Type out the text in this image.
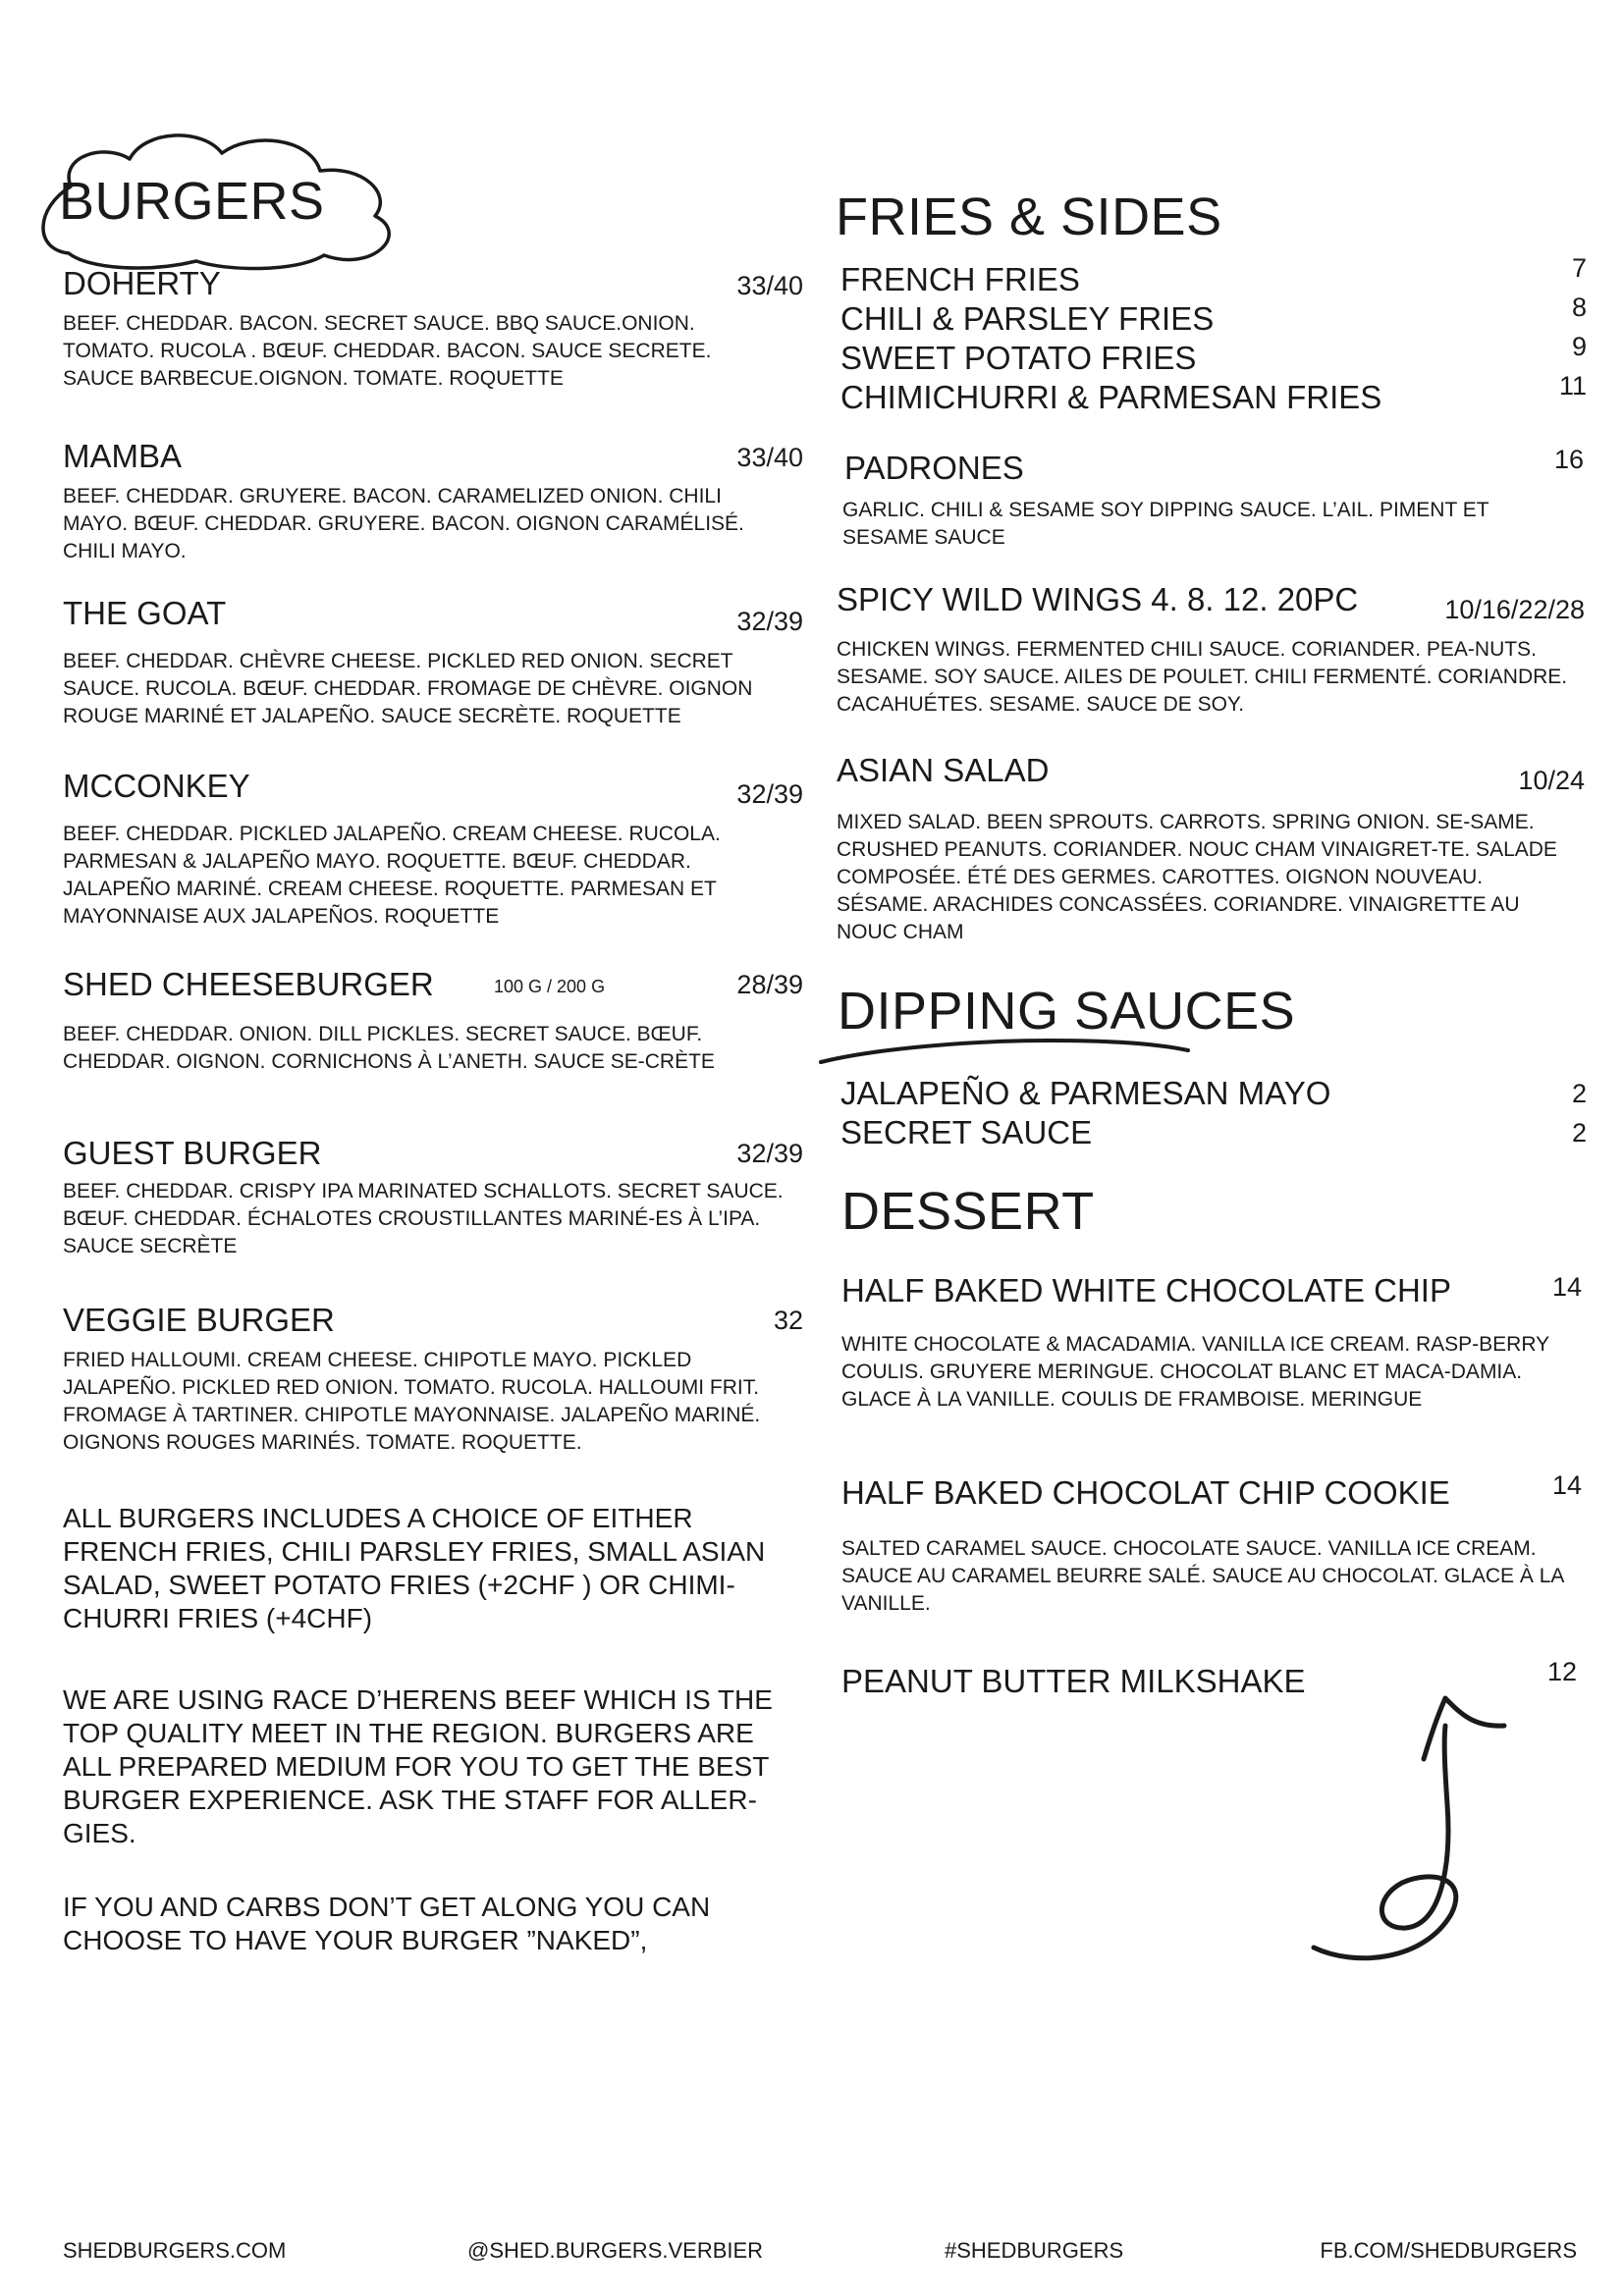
BURGERS
DOHERTY	33/40
BEEF. CHEDDAR. BACON. SECRET SAUCE. BBQ SAUCE.ONION. TOMATO. RUCOLA . BŒUF. CHEDDAR. BACON. SAUCE SECRETE. SAUCE BARBECUE.OIGNON. TOMATE. ROQUETTE
MAMBA	33/40
BEEF. CHEDDAR. GRUYERE. BACON. CARAMELIZED ONION. CHILI MAYO. BŒUF. CHEDDAR. GRUYERE. BACON. OIGNON CARAMÉLISÉ. CHILI MAYO.
THE GOAT	32/39
BEEF. CHEDDAR. CHÈVRE CHEESE. PICKLED RED ONION. SECRET SAUCE. RUCOLA. BŒUF. CHEDDAR. FROMAGE DE CHÈVRE. OIGNON ROUGE MARINÉ ET JALAPEÑO. SAUCE SECRÈTE. ROQUETTE
MCCONKEY	32/39
BEEF. CHEDDAR. PICKLED JALAPEÑO. CREAM CHEESE. RUCOLA. PARMESAN & JALAPEÑO MAYO. ROQUETTE. BŒUF. CHEDDAR. JALAPEÑO MARINÉ. CREAM CHEESE. ROQUETTE. PARMESAN ET MAYONNAISE AUX JALAPEÑOS. ROQUETTE
SHED CHEESEBURGER	100 G / 200 G	28/39
BEEF. CHEDDAR. ONION. DILL PICKLES. SECRET SAUCE. BŒUF. CHEDDAR. OIGNON. CORNICHONS À L’ANETH. SAUCE SE-CRÈTE
GUEST BURGER	32/39
BEEF. CHEDDAR. CRISPY IPA MARINATED SCHALLOTS. SECRET SAUCE. BŒUF. CHEDDAR. ÉCHALOTES CROUSTILLANTES MARINÉ-ES À L’IPA. SAUCE SECRÈTE
VEGGIE BURGER	32
FRIED HALLOUMI. CREAM CHEESE. CHIPOTLE MAYO. PICKLED JALAPEÑO. PICKLED RED ONION. TOMATO. RUCOLA. HALLOUMI FRIT. FROMAGE À TARTINER. CHIPOTLE MAYONNAISE. JALAPEÑO MARINÉ. OIGNONS ROUGES MARINÉS. TOMATE. ROQUETTE.
ALL BURGERS INCLUDES A CHOICE OF EITHER FRENCH FRIES, CHILI PARSLEY FRIES, SMALL ASIAN SALAD, SWEET POTATO FRIES (+2CHF ) OR CHIMI-CHURRI FRIES (+4CHF)
WE ARE USING RACE D’HERENS BEEF WHICH IS THE TOP QUALITY MEET IN THE REGION. BURGERS ARE ALL PREPARED MEDIUM FOR YOU TO GET THE BEST BURGER EXPERIENCE. ASK THE STAFF FOR ALLER-GIES.
IF YOU AND CARBS DON’T GET ALONG YOU CAN CHOOSE TO HAVE YOUR BURGER ”NAKED”,
FRIES & SIDES
FRENCH FRIES	7
CHILI & PARSLEY FRIES	8
SWEET POTATO FRIES	9
CHIMICHURRI & PARMESAN FRIES	11
PADRONES	16
GARLIC. CHILI & SESAME SOY DIPPING SAUCE. L’AIL. PIMENT ET SESAME SAUCE
SPICY WILD WINGS 4. 8. 12. 20PC	10/16/22/28
CHICKEN WINGS. FERMENTED CHILI SAUCE. CORIANDER. PEA-NUTS. SESAME. SOY SAUCE. AILES DE POULET. CHILI FERMENTÉ. CORIANDRE. CACAHUÉTES. SESAME. SAUCE DE SOY.
ASIAN SALAD	10/24
MIXED SALAD. BEEN SPROUTS. CARROTS. SPRING ONION. SE-SAME. CRUSHED PEANUTS. CORIANDER. NOUC CHAM VINAIGRET-TE. SALADE COMPOSÉE. ÉTÉ DES GERMES. CAROTTES. OIGNON NOUVEAU. SÉSAME. ARACHIDES CONCASSÉES. CORIANDRE. VINAIGRETTE AU NOUC CHAM
DIPPING SAUCES
JALAPEÑO & PARMESAN MAYO	2
SECRET SAUCE	2
DESSERT
HALF BAKED WHITE CHOCOLATE CHIP	14
WHITE CHOCOLATE & MACADAMIA. VANILLA ICE CREAM. RASP-BERRY COULIS. GRUYERE MERINGUE. CHOCOLAT BLANC ET MACA-DAMIA. GLACE À LA VANILLE. COULIS DE FRAMBOISE. MERINGUE
HALF BAKED CHOCOLAT CHIP COOKIE	14
SALTED CARAMEL SAUCE. CHOCOLATE SAUCE. VANILLA ICE CREAM. SAUCE AU CARAMEL BEURRE SALÉ. SAUCE AU CHOCOLAT. GLACE À LA VANILLE.
PEANUT BUTTER MILKSHAKE	12
SHEDBURGERS.COM	@SHED.BURGERS.VERBIER	#SHEDBURGERS	FB.COM/SHEDBURGERS
